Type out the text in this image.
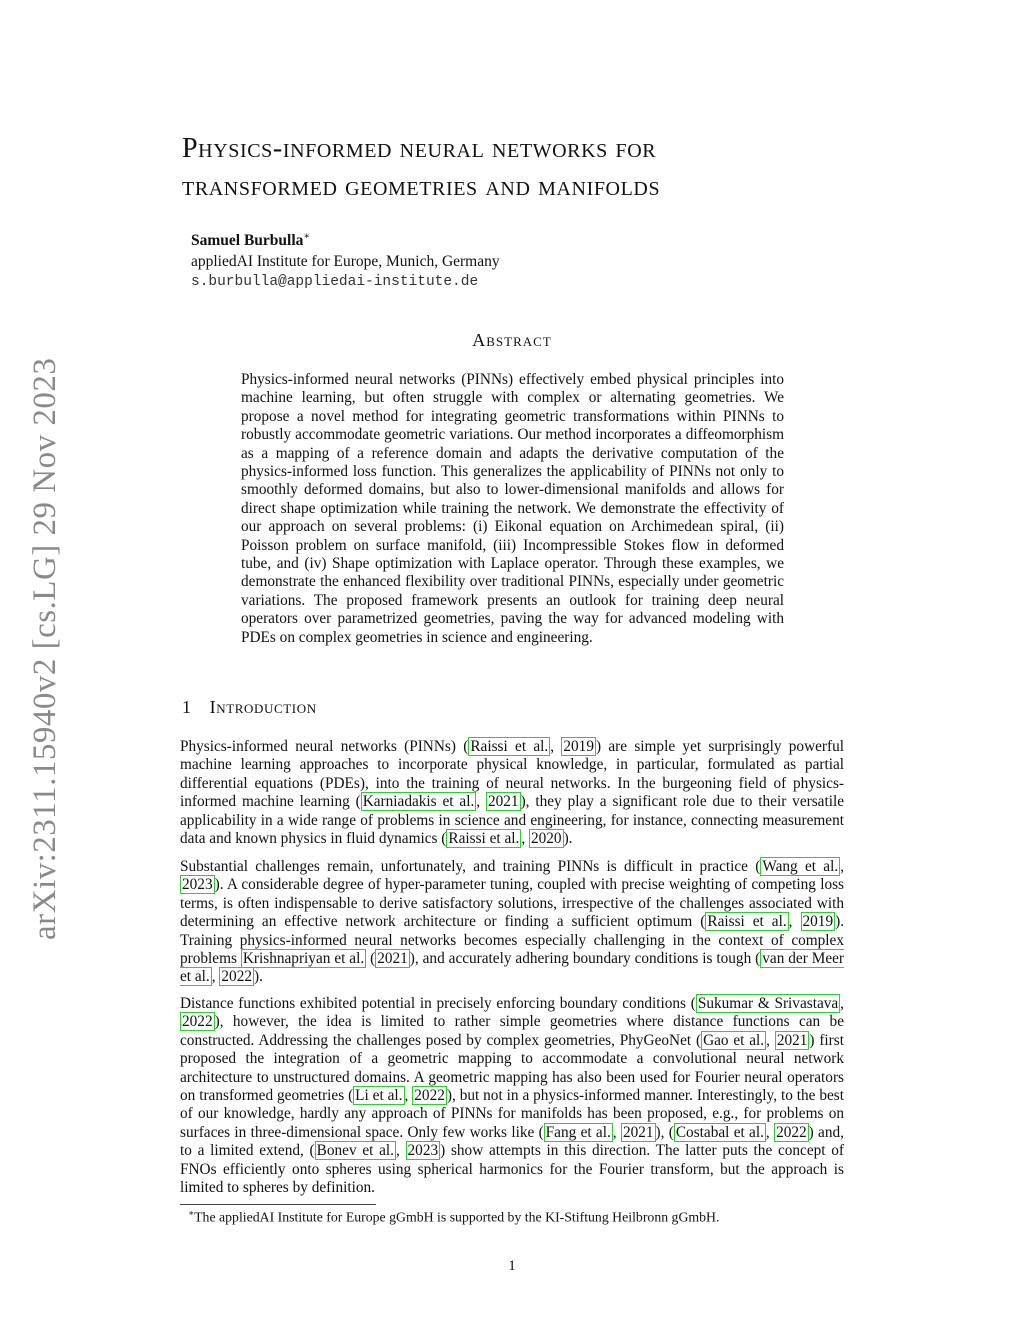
arXiv:2311.15940v2 [cs.LG] 29 Nov 2023
Physics-informed neural networks for
transformed geometries and manifolds
Samuel Burbulla∗
appliedAI Institute for Europe, Munich, Germany
s.burbulla@appliedai-institute.de
Abstract

Physics-informed neural networks (PINNs) effectively embed physical principles into machine learning, but often struggle with complex or alternating geometries. We propose a novel method for integrating geometric transformations within PINNs to robustly accommodate geometric variations. Our method incorporates a diffeomorphism as a mapping of a reference domain and adapts the derivative computation of the physics-informed loss function. This generalizes the applicability of PINNs not only to smoothly deformed domains, but also to lower-dimensional manifolds and allows for direct shape optimization while training the network. We demonstrate the effectivity of our approach on several problems: (i) Eikonal equation on Archimedean spiral, (ii) Poisson problem on surface manifold, (iii) Incompressible Stokes flow in deformed tube, and (iv) Shape optimization with Laplace operator. Through these examples, we demonstrate the enhanced flexibility over traditional PINNs, especially under geometric variations. The proposed framework presents an outlook for training deep neural operators over parametrized geometries, paving the way for advanced modeling with PDEs on complex geometries in science and engineering.

1 Introduction

Physics-informed neural networks (PINNs) ( Raissi et al. , 2019 ) are simple yet surprisingly powerful machine learning approaches to incorporate physical knowledge, in particular, formulated as partial differential equations (PDEs), into the training of neural networks. In the burgeoning field of physics-informed machine learning ( Karniadakis et al. , 2021 ), they play a significant role due to their versatile applicability in a wide range of problems in science and engineering, for instance, connecting measurement data and known physics in fluid dynamics ( Raissi et al. , 2020 ).

Substantial challenges remain, unfortunately, and training PINNs is difficult in practice ( Wang et al. , 2023 ). A considerable degree of hyper-parameter tuning, coupled with precise weighting of competing loss terms, is often indispensable to derive satisfactory solutions, irrespective of the challenges associated with determining an effective network architecture or finding a sufficient optimum ( Raissi et al. , 2019 ). Training physics-informed neural networks becomes especially challenging in the context of complex problems Krishnapriyan et al. ( 2021 ), and accurately adhering boundary conditions is tough ( van der Meer et al. , 2022 ).

Distance functions exhibited potential in precisely enforcing boundary conditions ( Sukumar & Srivastava , 2022 ), however, the idea is limited to rather simple geometries where distance functions can be constructed. Addressing the challenges posed by complex geometries, PhyGeoNet ( Gao et al. , 2021 ) first proposed the integration of a geometric mapping to accommodate a convolutional neural network architecture to unstructured domains. A geometric mapping has also been used for Fourier neural operators on transformed geometries ( Li et al. , 2022 ), but not in a physics-informed manner. Interestingly, to the best of our knowledge, hardly any approach of PINNs for manifolds has been proposed, e.g., for problems on surfaces in three-dimensional space. Only few works like ( Fang et al. , 2021 ), ( Costabal et al. , 2022 ) and, to a limited extend, ( Bonev et al. , 2023 ) show attempts in this direction. The latter puts the concept of FNOs efficiently onto spheres using spherical harmonics for the Fourier transform, but the approach is limited to spheres by definition.

∗The appliedAI Institute for Europe gGmbH is supported by the KI-Stiftung Heilbronn gGmbH.
1
